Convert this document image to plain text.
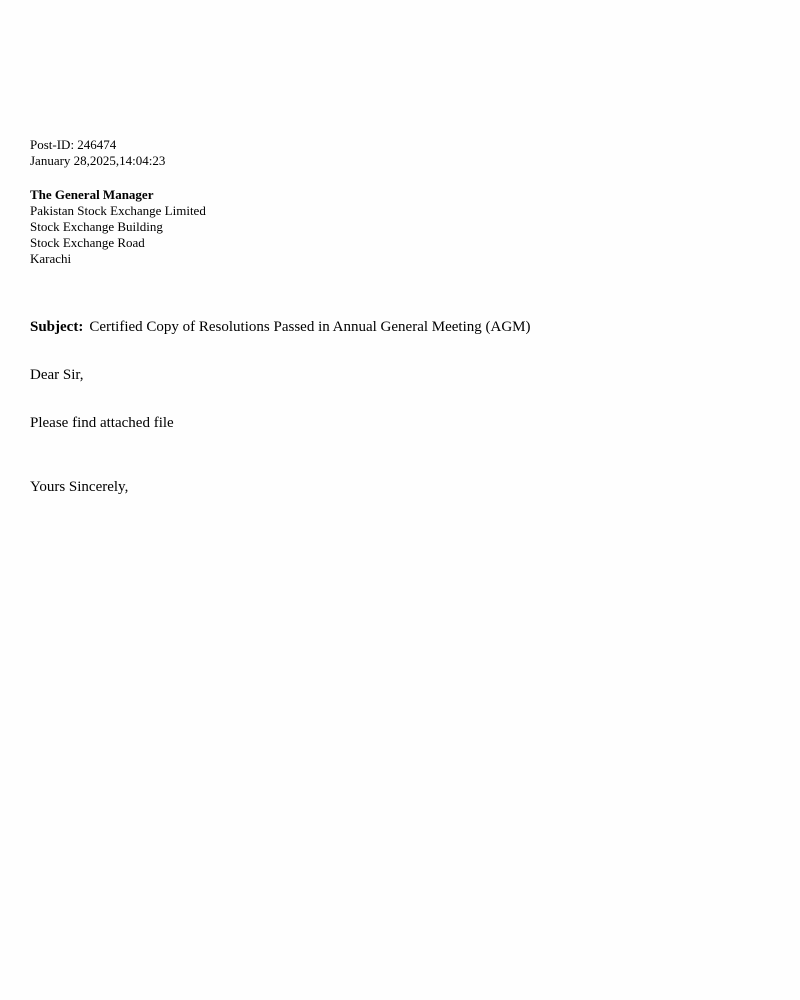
Post-ID: 246474
January 28,2025,14:04:23
The General Manager
Pakistan Stock Exchange Limited
Stock Exchange Building
Stock Exchange Road
Karachi
Subject: Certified Copy of Resolutions Passed in Annual General Meeting (AGM)
Dear Sir,
Please find attached file
Yours Sincerely,
